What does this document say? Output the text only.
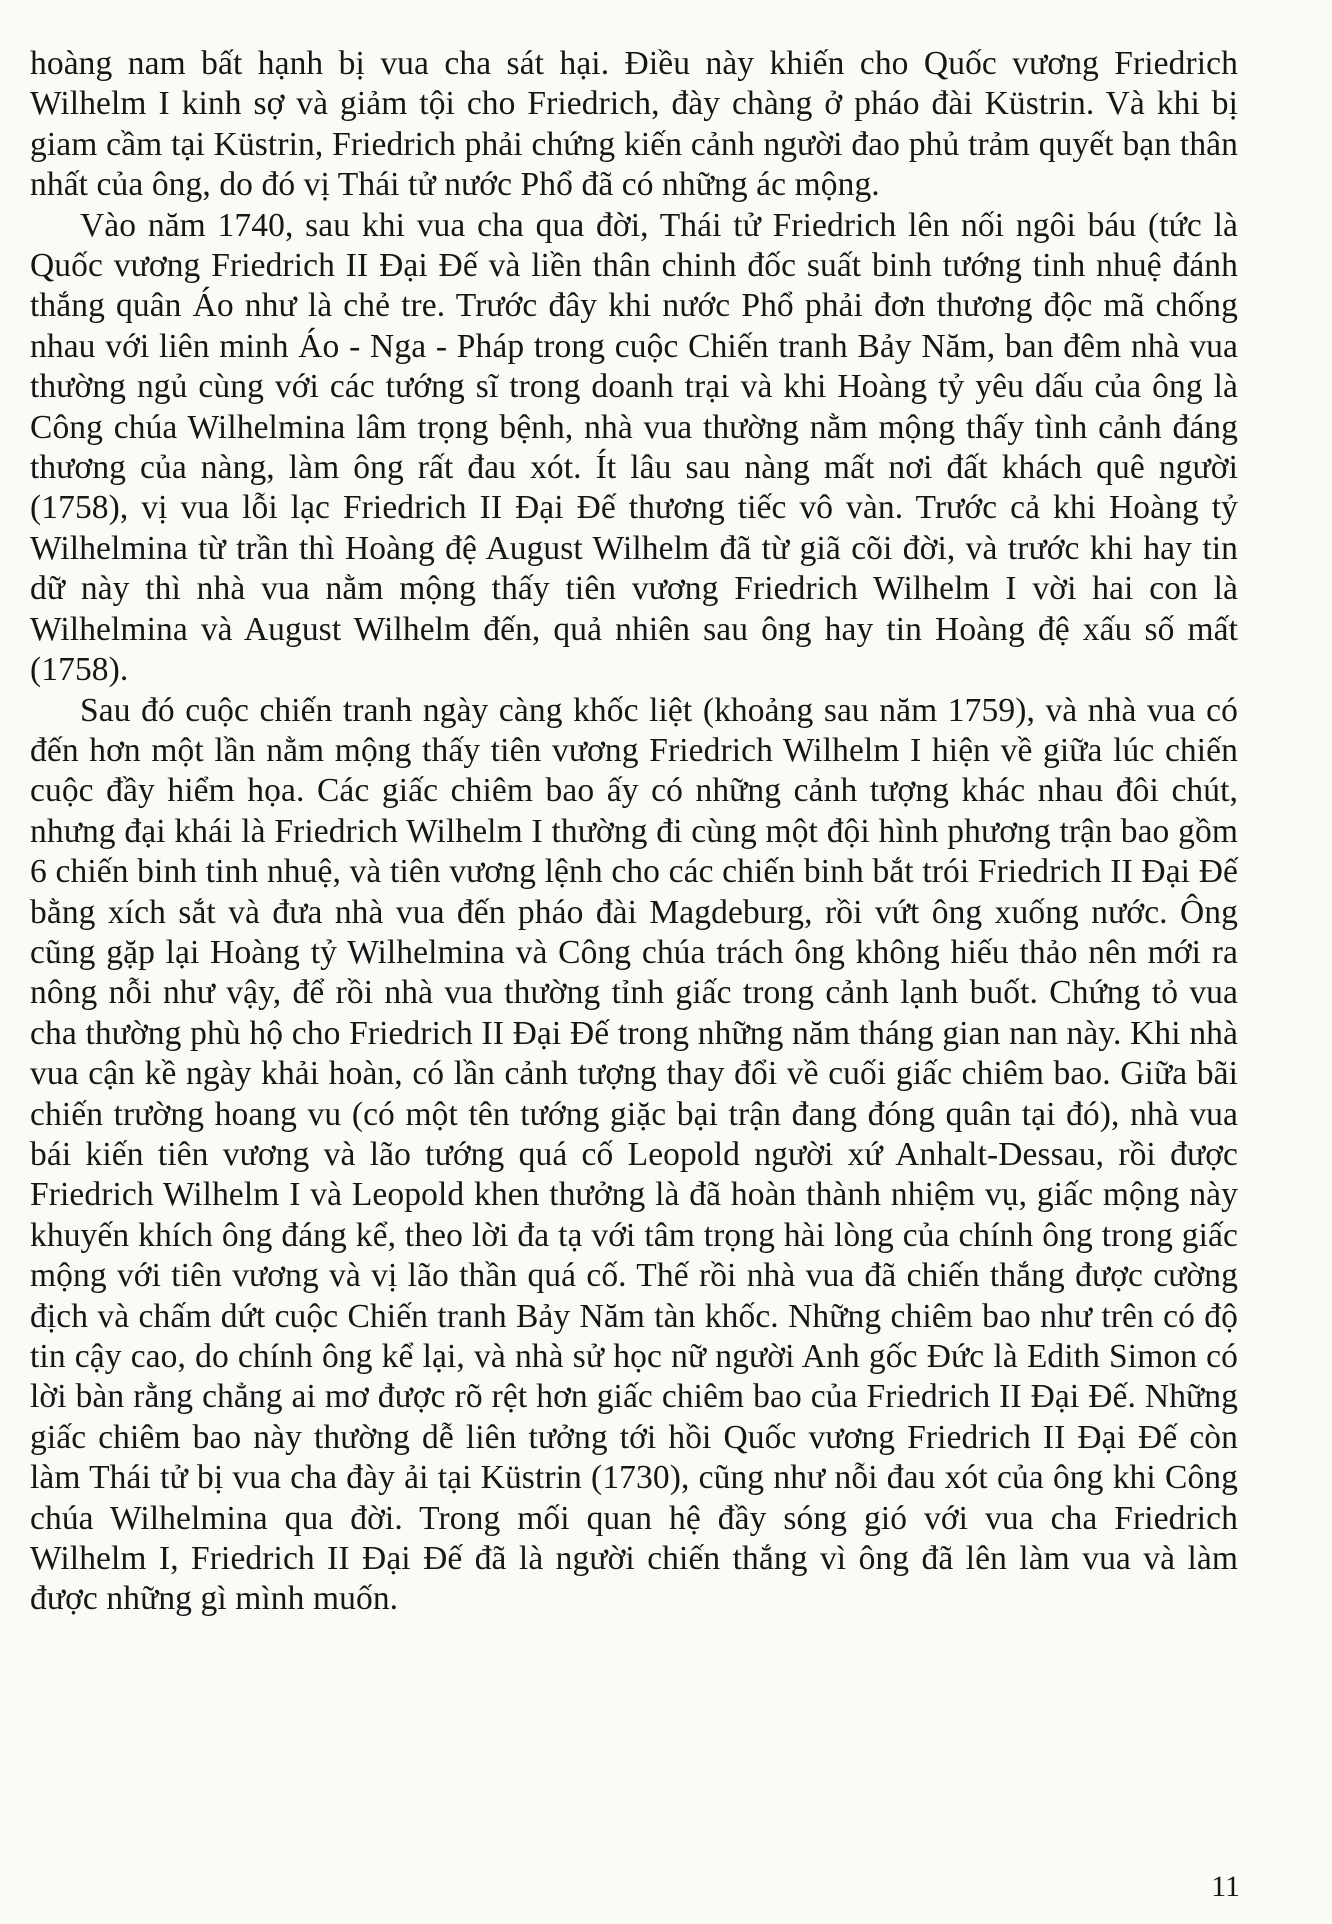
hoàng nam bất hạnh bị vua cha sát hại. Điều này khiến cho Quốc vương Friedrich Wilhelm I kinh sợ và giảm tội cho Friedrich, đày chàng ở pháo đài Küstrin. Và khi bị giam cầm tại Küstrin, Friedrich phải chứng kiến cảnh người đao phủ trảm quyết bạn thân nhất của ông, do đó vị Thái tử nước Phổ đã có những ác mộng.

Vào năm 1740, sau khi vua cha qua đời, Thái tử Friedrich lên nối ngôi báu (tức là Quốc vương Friedrich II Đại Đế và liền thân chinh đốc suất binh tướng tinh nhuệ đánh thắng quân Áo như là chẻ tre. Trước đây khi nước Phổ phải đơn thương độc mã chống nhau với liên minh Áo - Nga - Pháp trong cuộc Chiến tranh Bảy Năm, ban đêm nhà vua thường ngủ cùng với các tướng sĩ trong doanh trại và khi Hoàng tỷ yêu dấu của ông là Công chúa Wilhelmina lâm trọng bệnh, nhà vua thường nằm mộng thấy tình cảnh đáng thương của nàng, làm ông rất đau xót. Ít lâu sau nàng mất nơi đất khách quê người (1758), vị vua lỗi lạc Friedrich II Đại Đế thương tiếc vô vàn. Trước cả khi Hoàng tỷ Wilhelmina từ trần thì Hoàng đệ August Wilhelm đã từ giã cõi đời, và trước khi hay tin dữ này thì nhà vua nằm mộng thấy tiên vương Friedrich Wilhelm I vời hai con là Wilhelmina và August Wilhelm đến, quả nhiên sau ông hay tin Hoàng đệ xấu số mất (1758).

Sau đó cuộc chiến tranh ngày càng khốc liệt (khoảng sau năm 1759), và nhà vua có đến hơn một lần nằm mộng thấy tiên vương Friedrich Wilhelm I hiện về giữa lúc chiến cuộc đầy hiểm họa. Các giấc chiêm bao ấy có những cảnh tượng khác nhau đôi chút, nhưng đại khái là Friedrich Wilhelm I thường đi cùng một đội hình phương trận bao gồm 6 chiến binh tinh nhuệ, và tiên vương lệnh cho các chiến binh bắt trói Friedrich II Đại Đế bằng xích sắt và đưa nhà vua đến pháo đài Magdeburg, rồi vứt ông xuống nước. Ông cũng gặp lại Hoàng tỷ Wilhelmina và Công chúa trách ông không hiếu thảo nên mới ra nông nỗi như vậy, để rồi nhà vua thường tỉnh giấc trong cảnh lạnh buốt. Chứng tỏ vua cha thường phù hộ cho Friedrich II Đại Đế trong những năm tháng gian nan này. Khi nhà vua cận kề ngày khải hoàn, có lần cảnh tượng thay đổi về cuối giấc chiêm bao. Giữa bãi chiến trường hoang vu (có một tên tướng giặc bại trận đang đóng quân tại đó), nhà vua bái kiến tiên vương và lão tướng quá cố Leopold người xứ Anhalt-Dessau, rồi được Friedrich Wilhelm I và Leopold khen thưởng là đã hoàn thành nhiệm vụ, giấc mộng này khuyến khích ông đáng kể, theo lời đa tạ với tâm trọng hài lòng của chính ông trong giấc mộng với tiên vương và vị lão thần quá cố. Thế rồi nhà vua đã chiến thắng được cường địch và chấm dứt cuộc Chiến tranh Bảy Năm tàn khốc. Những chiêm bao như trên có độ tin cậy cao, do chính ông kể lại, và nhà sử học nữ người Anh gốc Đức là Edith Simon có lời bàn rằng chẳng ai mơ được rõ rệt hơn giấc chiêm bao của Friedrich II Đại Đế. Những giấc chiêm bao này thường dễ liên tưởng tới hồi Quốc vương Friedrich II Đại Đế còn làm Thái tử bị vua cha đày ải tại Küstrin (1730), cũng như nỗi đau xót của ông khi Công chúa Wilhelmina qua đời. Trong mối quan hệ đầy sóng gió với vua cha Friedrich Wilhelm I, Friedrich II Đại Đế đã là người chiến thắng vì ông đã lên làm vua và làm được những gì mình muốn.

11
